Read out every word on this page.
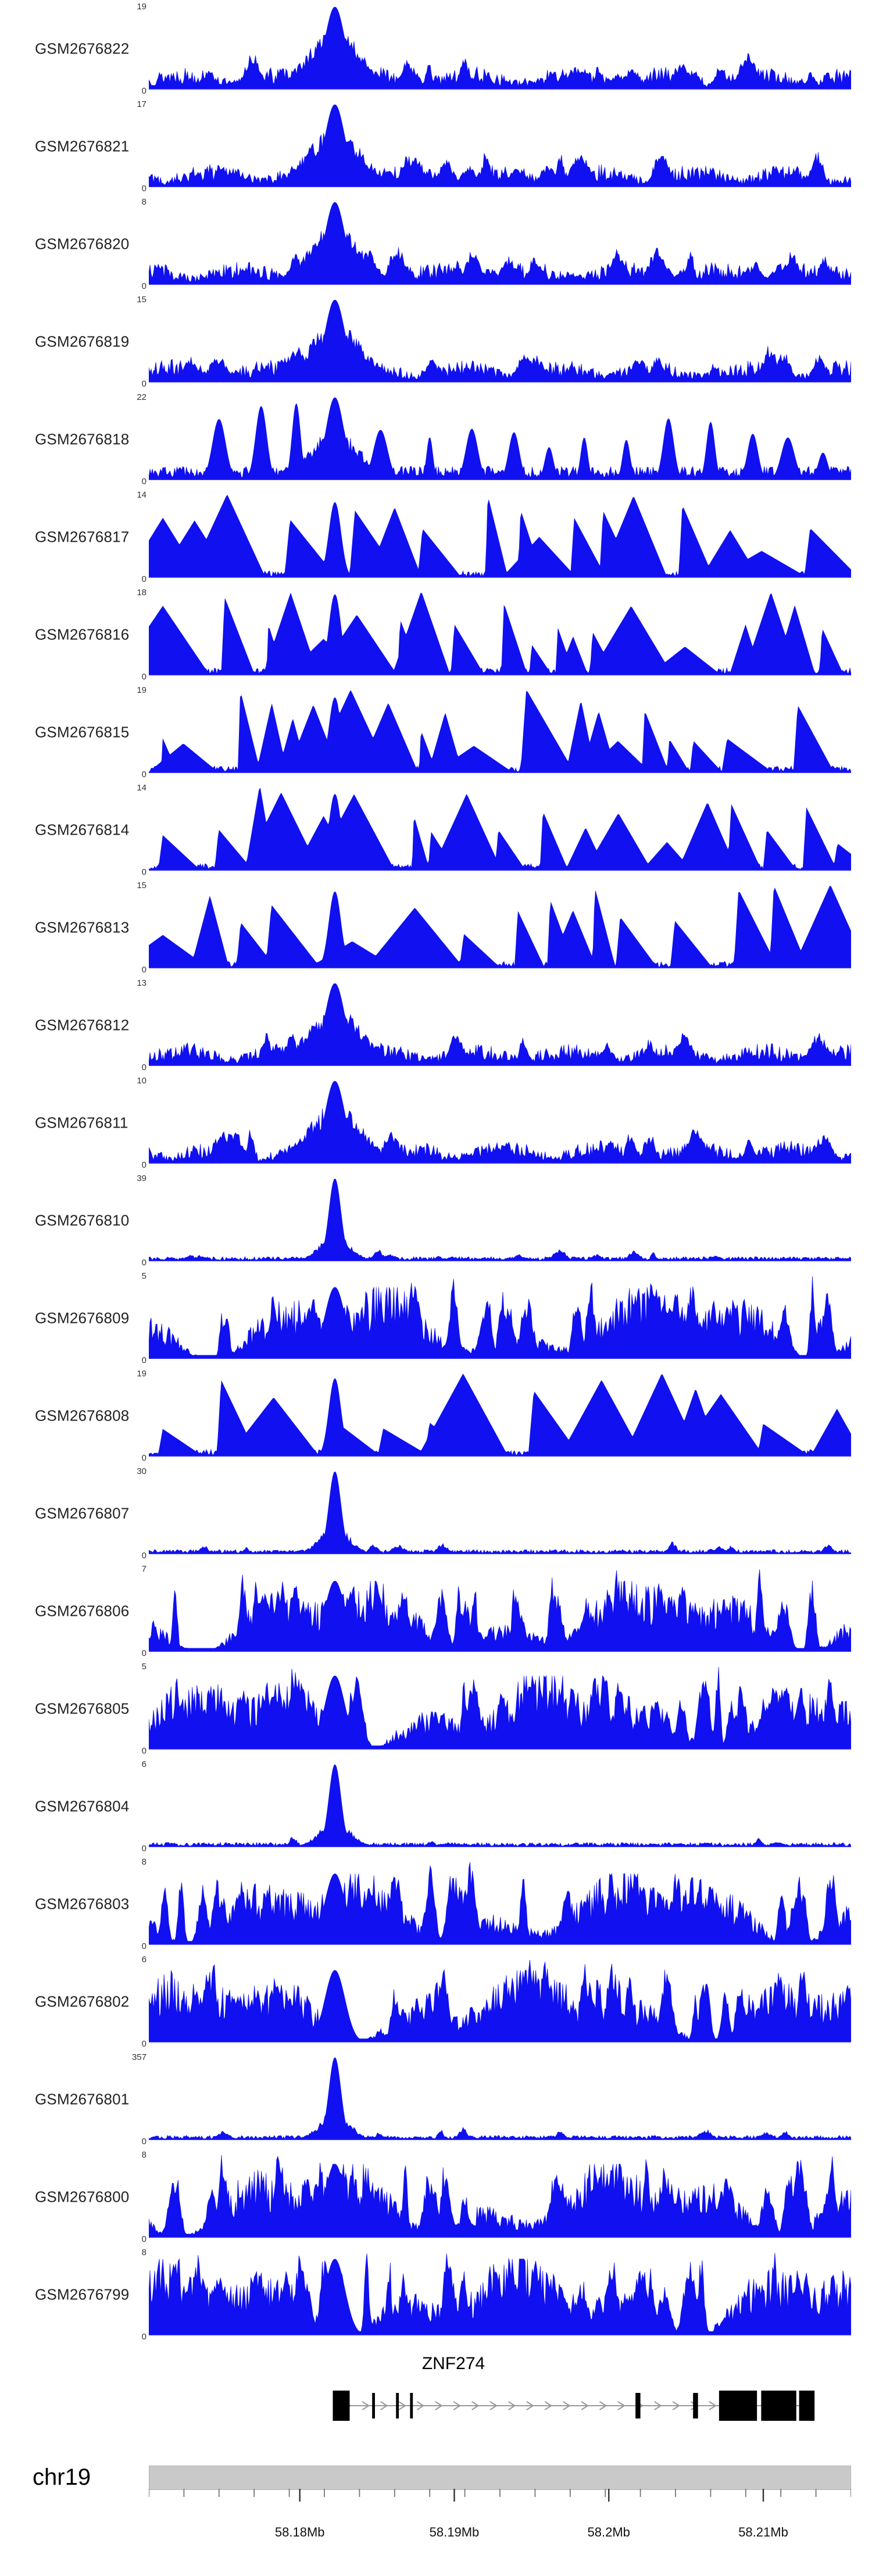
GSM2676822
19
0
GSM2676821
17
0
GSM2676820
8
0
GSM2676819
15
0
GSM2676818
22
0
GSM2676817
14
0
GSM2676816
18
0
GSM2676815
19
0
GSM2676814
14
0
GSM2676813
15
0
GSM2676812
13
0
GSM2676811
10
0
GSM2676810
39
0
GSM2676809
5
0
GSM2676808
19
0
GSM2676807
30
0
GSM2676806
7
0
GSM2676805
5
0
GSM2676804
6
0
GSM2676803
8
0
GSM2676802
6
0
GSM2676801
357
0
GSM2676800
8
0
GSM2676799
8
0
ZNF274
chr19
58.18Mb	58.19Mb	58.2Mb	58.21Mb
